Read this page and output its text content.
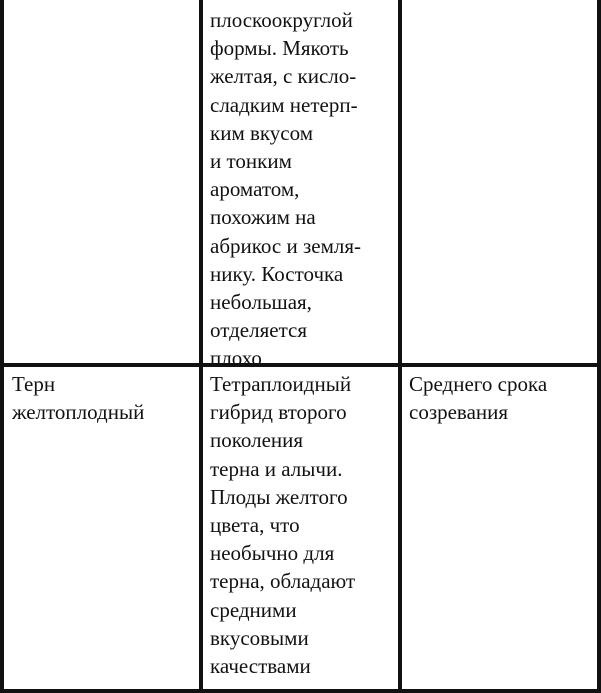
плоскоокруглой
формы. Мякоть
желтая, с кисло-
сладким нетерп-
ким вкусом
и тонким
ароматом,
похожим на
абрикос и земля-
нику. Косточка
небольшая,
отделяется
плохо
Терн
желтоплодный
Тетраплоидный
гибрид второго
поколения
терна и алычи.
Плоды желтого
цвета, что
необычно для
терна, обладают
средними
вкусовыми
качествами
Среднего срока
созревания
